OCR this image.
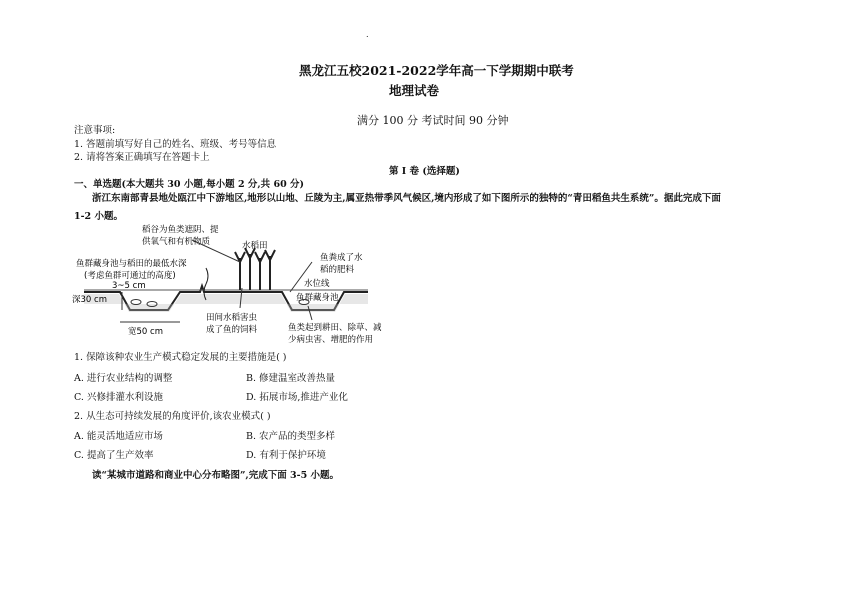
.
黑龙江五校2021-2022学年高一下学期期中联考
地理试卷
满分 100 分 考试时间 90 分钟
注意事项:
1. 答题前填写好自己的姓名、班级、考号等信息
2. 请将答案正确填写在答题卡上
第 I 卷 (选择题)
一、单选题(本大题共 30 小题,每小题 2 分,共 60 分)
浙江东南部青县地处瓯江中下游地区,地形以山地、丘陵为主,属亚热带季风气候区,境内形成了如下图所示的独特的“青田稻鱼共生系统”。据此完成下面
1-2 小题。
稻谷为鱼类遮阴、提
供氧气和有机物质	水稻田
鱼粪成了水
稻的肥料
鱼群藏身池与稻田的最低水深
(考虑鱼群可通过的高度)
3~5 cm	水位线
深30 cm	鱼群藏身池
宽50 cm
田间水稻害虫
成了鱼的饲料	鱼类起到耕田、除草、减
少病虫害、增肥的作用
1. 保障该种农业生产模式稳定发展的主要措施是( )
A. 进行农业结构的调整	B. 修建温室改善热量
C. 兴修排灌水利设施	D. 拓展市场,推进产业化
2. 从生态可持续发展的角度评价,该农业模式( )
A. 能灵活地适应市场	B. 农产品的类型多样
C. 提高了生产效率	D. 有利于保护环境
读“某城市道路和商业中心分布略图”,完成下面 3-5 小题。
